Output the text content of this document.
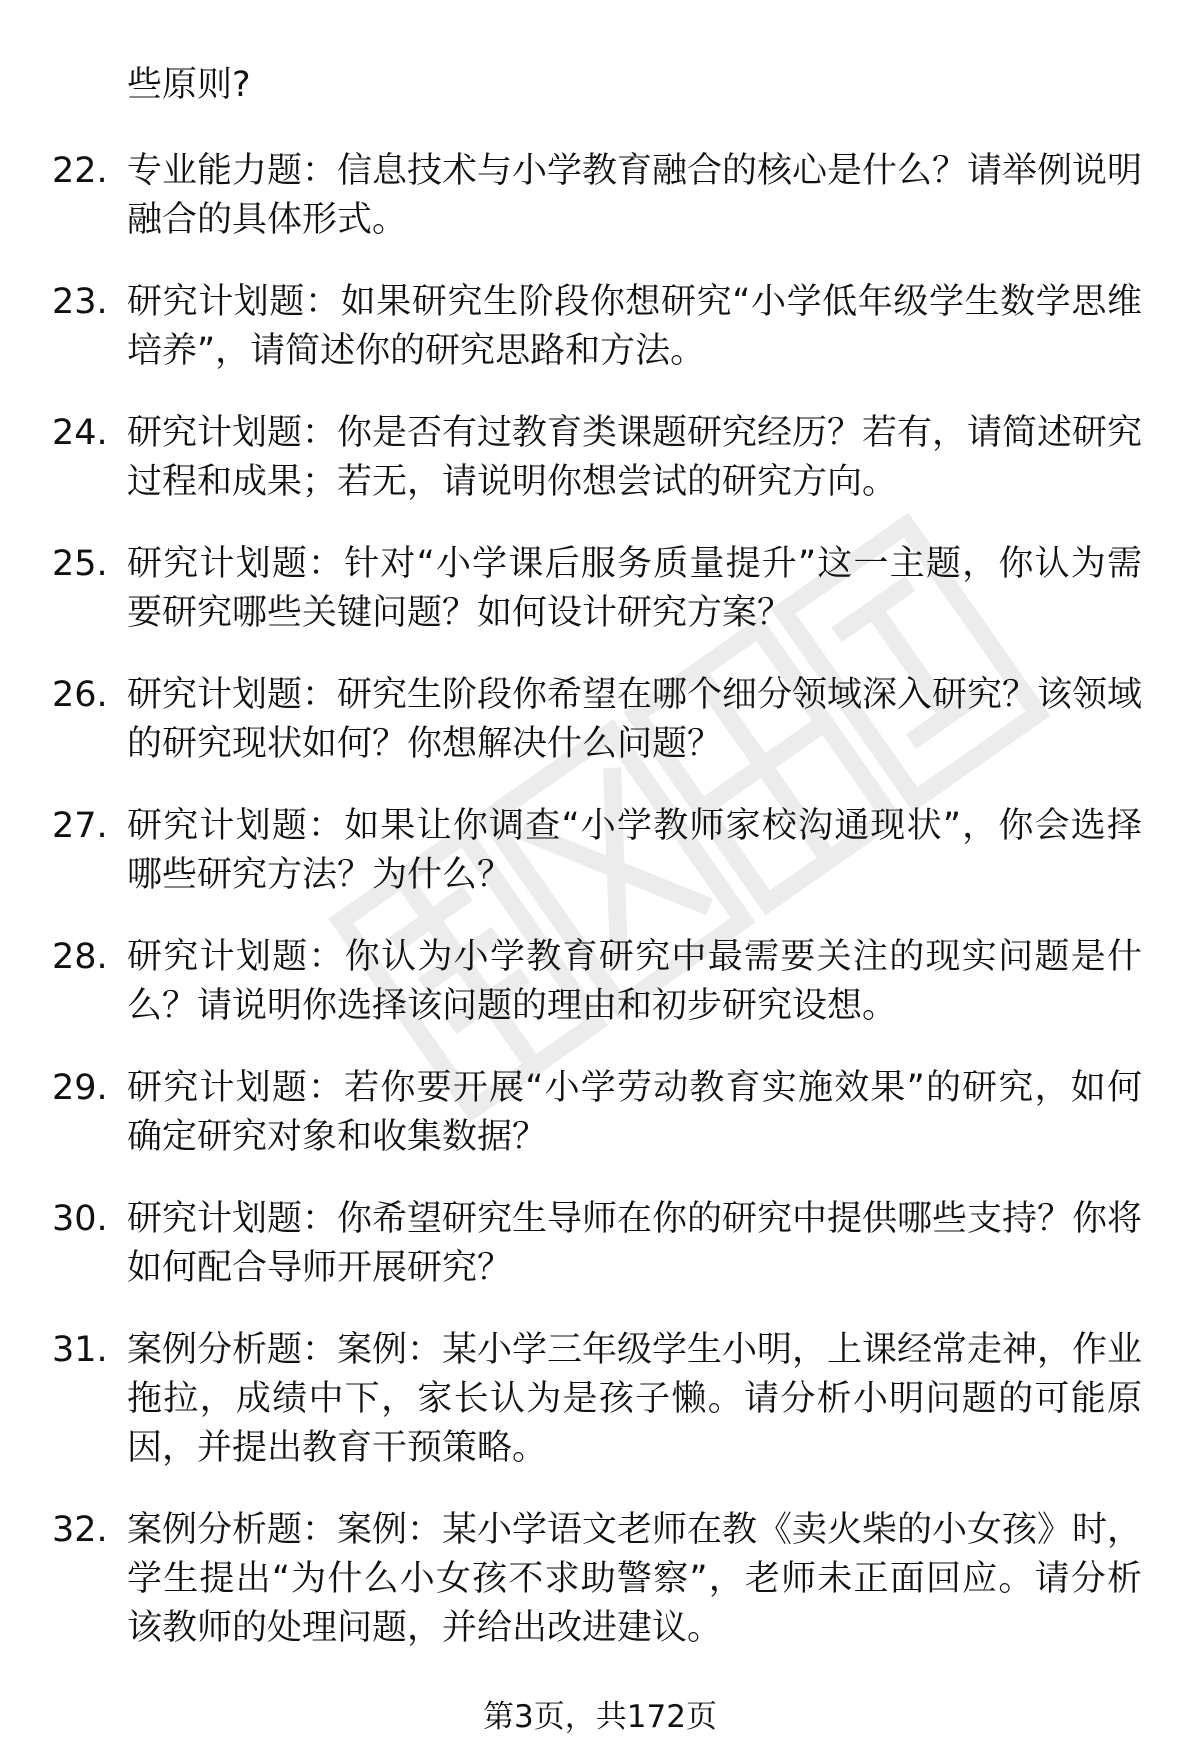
些原则?

22. 专业能力题：信息技术与小学教育融合的核心是什么？请举例说明融合的具体形式。
23. 研究计划题：如果研究生阶段你想研究“小学低年级学生数学思维培养”，请简述你的研究思路和方法。
24. 研究计划题：你是否有过教育类课题研究经历？若有，请简述研究过程和成果；若无，请说明你想尝试的研究方向。
25. 研究计划题：针对“小学课后服务质量提升”这一主题，你认为需要研究哪些关键问题？如何设计研究方案？
26. 研究计划题：研究生阶段你希望在哪个细分领域深入研究？该领域的研究现状如何？你想解决什么问题？
27. 研究计划题：如果让你调查“小学教师家校沟通现状”，你会选择哪些研究方法？为什么？
28. 研究计划题：你认为小学教育研究中最需要关注的现实问题是什么？请说明你选择该问题的理由和初步研究设想。
29. 研究计划题：若你要开展“小学劳动教育实施效果”的研究，如何确定研究对象和收集数据？
30. 研究计划题：你希望研究生导师在你的研究中提供哪些支持？你将如何配合导师开展研究？
31. 案例分析题：案例：某小学三年级学生小明，上课经常走神，作业拖拉，成绩中下，家长认为是孩子懒。请分析小明问题的可能原因，并提出教育干预策略。
32. 案例分析题：案例：某小学语文老师在教《卖火柴的小女孩》时，学生提出“为什么小女孩不求助警察”，老师未正面回应。请分析该教师的处理问题，并给出改进建议。
第3页，共172页
